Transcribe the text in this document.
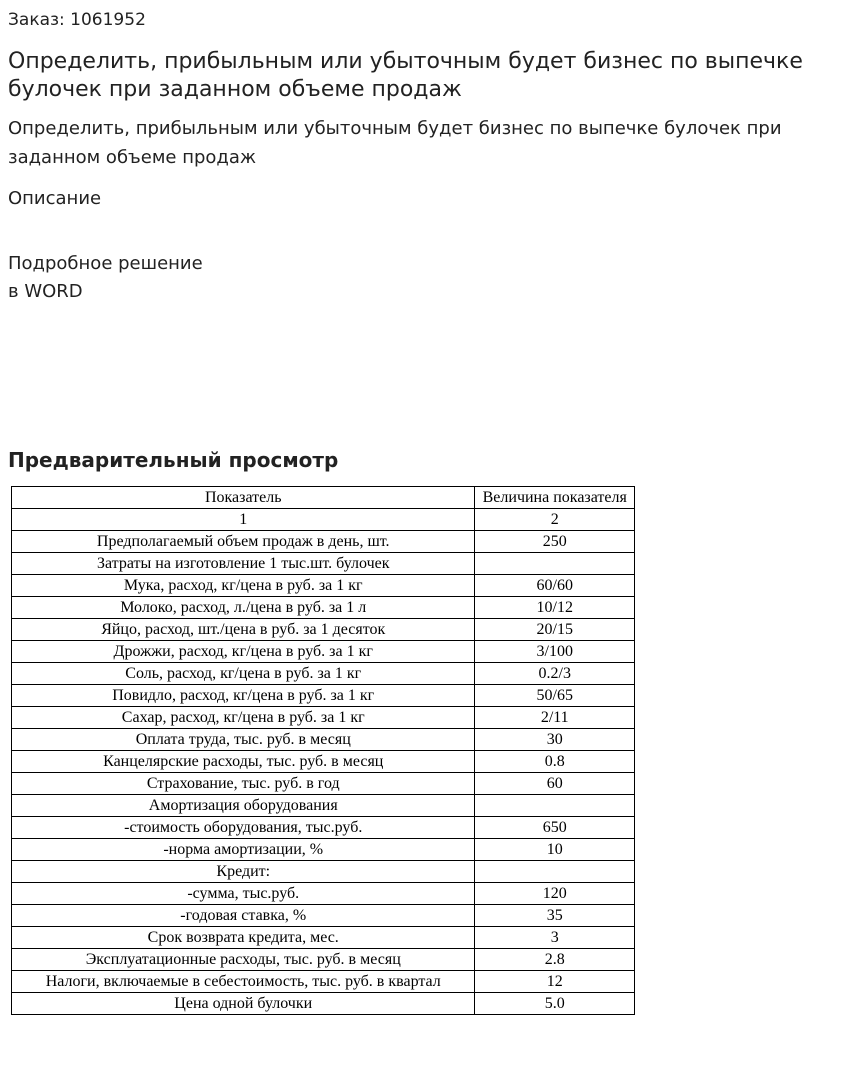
Заказ: 1061952
Определить, прибыльным или убыточным будет бизнес по выпечке булочек при заданном объеме продаж
Определить, прибыльным или убыточным будет бизнес по выпечке булочек при заданном объеме продаж
Описание
Подробное решение
в WORD
Предварительный просмотр
Показатель	Величина показателя
1	2
Предполагаемый объем продаж в день, шт.	250
Затраты на изготовление 1 тыс.шт. булочек	
Мука, расход, кг/цена в руб. за 1 кг	60/60
Молоко, расход, л./цена в руб. за 1 л	10/12
Яйцо, расход, шт./цена в руб. за 1 десяток	20/15
Дрожжи, расход, кг/цена в руб. за 1 кг	3/100
Соль, расход, кг/цена в руб. за 1 кг	0.2/3
Повидло, расход, кг/цена в руб. за 1 кг	50/65
Сахар, расход, кг/цена в руб. за 1 кг	2/11
Оплата труда, тыс. руб. в месяц	30
Канцелярские расходы, тыс. руб. в месяц	0.8
Страхование, тыс. руб. в год	60
Амортизация оборудования	
-стоимость оборудования, тыс.руб.	650
-норма амортизации, %	10
Кредит:	
-сумма, тыс.руб.	120
-годовая ставка, %	35
Срок возврата кредита, мес.	3
Эксплуатационные расходы, тыс. руб. в месяц	2.8
Налоги, включаемые в себестоимость, тыс. руб. в квартал	12
Цена одной булочки	5.0
